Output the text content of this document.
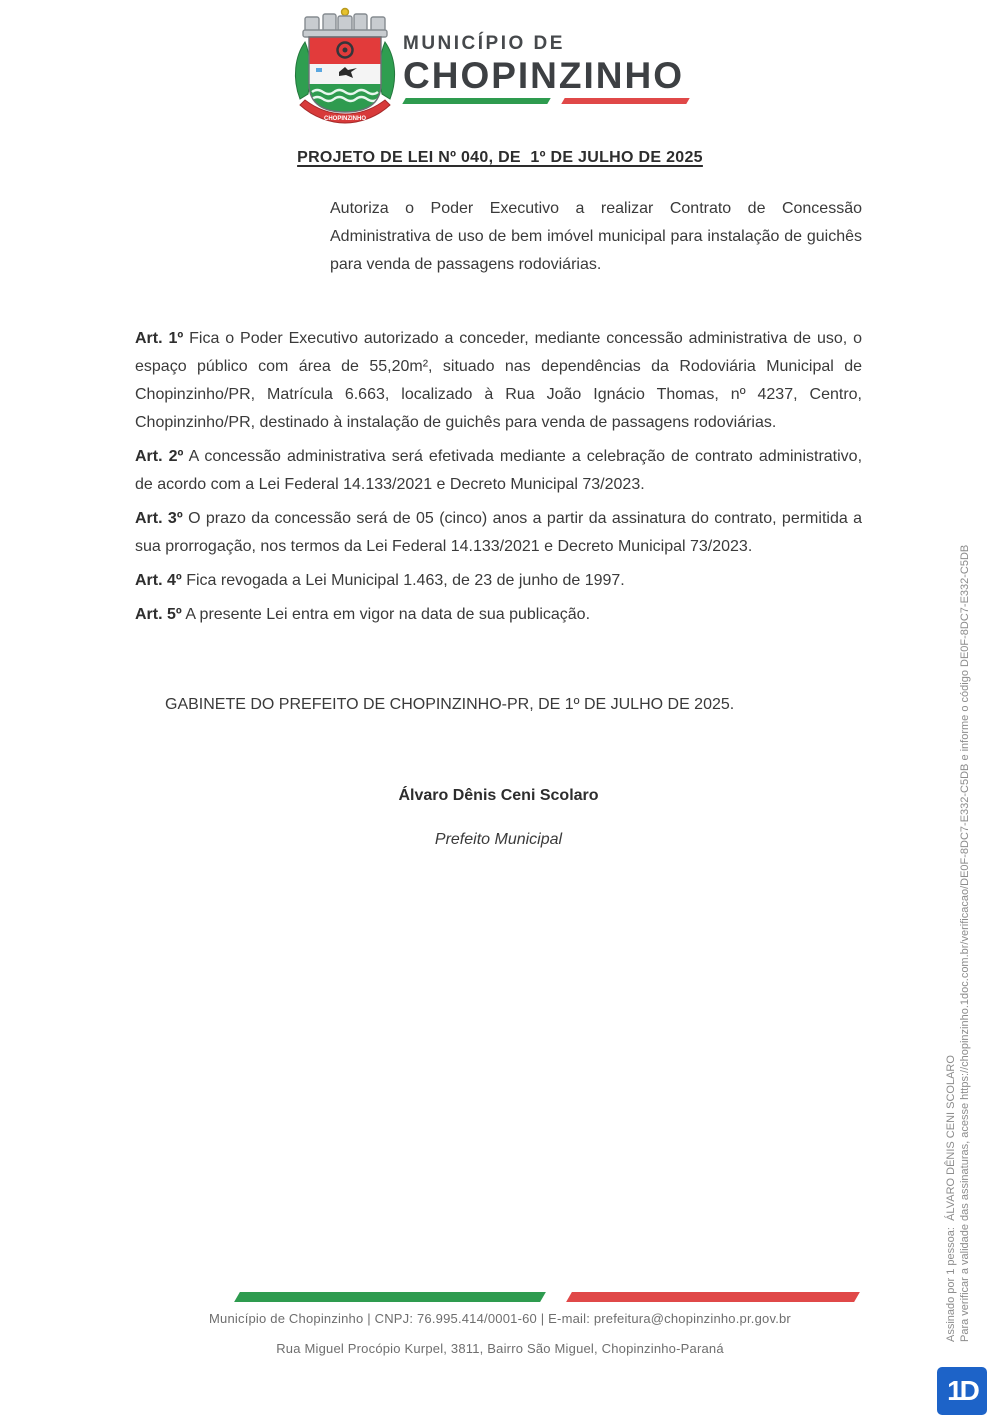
CHOPINZINHO
MUNICÍPIO DE
CHOPINZINHO
PROJETO DE LEI Nº 040, DE  1º DE JULHO DE 2025

Autoriza o Poder Executivo a realizar Contrato de Concessão Administrativa de uso de bem imóvel municipal para instalação de guichês para venda de passagens rodoviárias.

Art. 1º Fica o Poder Executivo autorizado a conceder, mediante concessão administrativa de uso, o espaço público com área de 55,20m², situado nas dependências da Rodoviária Municipal de Chopinzinho/PR, Matrícula 6.663, localizado à Rua João Ignácio Thomas, nº 4237, Centro, Chopinzinho/PR, destinado à instalação de guichês para venda de passagens rodoviárias.

Art. 2º A concessão administrativa será efetivada mediante a celebração de contrato administrativo, de acordo com a Lei Federal 14.133/2021 e Decreto Municipal 73/2023.

Art. 3º O prazo da concessão será de 05 (cinco) anos a partir da assinatura do contrato, permitida a sua prorrogação, nos termos da Lei Federal 14.133/2021 e Decreto Municipal 73/2023.

Art. 4º Fica revogada a Lei Municipal 1.463, de 23 de junho de 1997.

Art. 5º A presente Lei entra em vigor na data de sua publicação.

GABINETE DO PREFEITO DE CHOPINZINHO-PR, DE 1º DE JULHO DE 2025.

Álvaro Dênis Ceni Scolaro

Prefeito Municipal

Município de Chopinzinho | CNPJ: 76.995.414/0001-60 | E-mail: prefeitura@chopinzinho.pr.gov.br
Rua Miguel Procópio Kurpel, 3811, Bairro São Miguel, Chopinzinho-Paraná
Assinado por 1 pessoa:  ÁLVARO DÊNIS CENI SCOLARO Para verificar a validade das assinaturas, acesse https://chopinzinho.1doc.com.br/verificacao/DE0F-8DC7-E332-C5DB e informe o código DE0F-8DC7-E332-C5DB
1D
